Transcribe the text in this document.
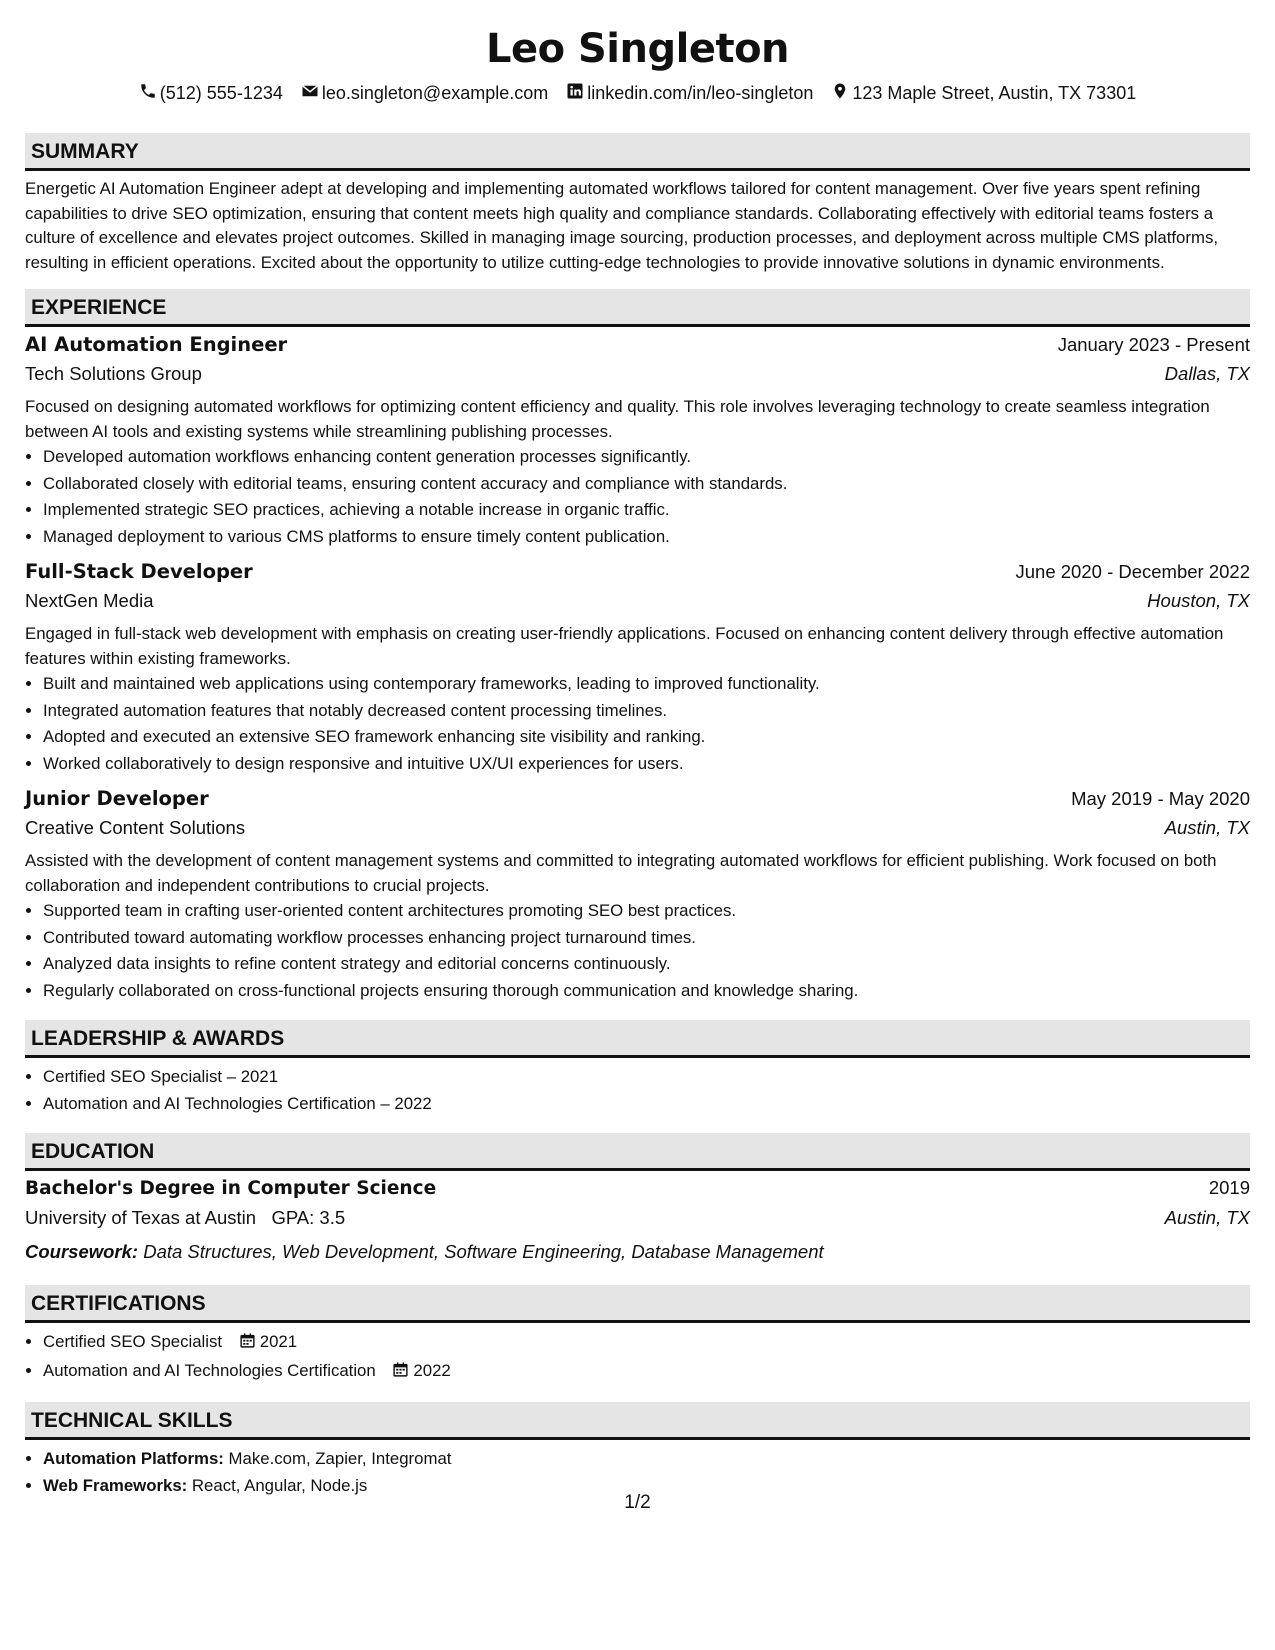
Leo Singleton
(512) 555-1234 leo.singleton@example.com linkedin.com/in/leo-singleton 123 Maple Street, Austin, TX 73301
SUMMARY

Energetic AI Automation Engineer adept at developing and implementing automated workflows tailored for content management. Over five years spent refining capabilities to drive SEO optimization, ensuring that content meets high quality and compliance standards. Collaborating effectively with editorial teams fosters a culture of excellence and elevates project outcomes. Skilled in managing image sourcing, production processes, and deployment across multiple CMS platforms, resulting in efficient operations. Excited about the opportunity to utilize cutting-edge technologies to provide innovative solutions in dynamic environments.

EXPERIENCE
AI Automation Engineer	January 2023 - Present
Tech Solutions Group	Dallas, TX

Focused on designing automated workflows for optimizing content efficiency and quality. This role involves leveraging technology to create seamless integration between AI tools and existing systems while streamlining publishing processes.

• Developed automation workflows enhancing content generation processes significantly.
• Collaborated closely with editorial teams, ensuring content accuracy and compliance with standards.
• Implemented strategic SEO practices, achieving a notable increase in organic traffic.
• Managed deployment to various CMS platforms to ensure timely content publication.
Full-Stack Developer	June 2020 - December 2022
NextGen Media	Houston, TX

Engaged in full-stack web development with emphasis on creating user-friendly applications. Focused on enhancing content delivery through effective automation features within existing frameworks.

• Built and maintained web applications using contemporary frameworks, leading to improved functionality.
• Integrated automation features that notably decreased content processing timelines.
• Adopted and executed an extensive SEO framework enhancing site visibility and ranking.
• Worked collaboratively to design responsive and intuitive UX/UI experiences for users.
Junior Developer	May 2019 - May 2020
Creative Content Solutions	Austin, TX

Assisted with the development of content management systems and committed to integrating automated workflows for efficient publishing. Work focused on both collaboration and independent contributions to crucial projects.

• Supported team in crafting user-oriented content architectures promoting SEO best practices.
• Contributed toward automating workflow processes enhancing project turnaround times.
• Analyzed data insights to refine content strategy and editorial concerns continuously.
• Regularly collaborated on cross-functional projects ensuring thorough communication and knowledge sharing.
LEADERSHIP & AWARDS
• Certified SEO Specialist – 2021
• Automation and AI Technologies Certification – 2022
EDUCATION
Bachelor's Degree in Computer Science	2019
University of Texas at Austin GPA: 3.5	Austin, TX
Coursework: Data Structures, Web Development, Software Engineering, Database Management
CERTIFICATIONS
• Certified SEO Specialist 2021
• Automation and AI Technologies Certification 2022
TECHNICAL SKILLS
• Automation Platforms: Make.com, Zapier, Integromat
• Web Frameworks: React, Angular, Node.js
1/2
